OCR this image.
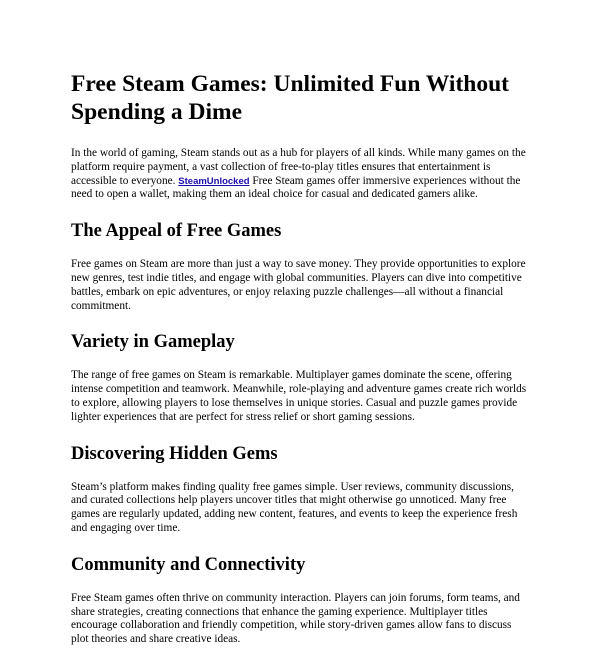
Free Steam Games: Unlimited Fun Without Spending a Dime

In the world of gaming, Steam stands out as a hub for players of all kinds. While many games on the platform require payment, a vast collection of free-to-play titles ensures that entertainment is accessible to everyone. SteamUnlocked Free Steam games offer immersive experiences without the need to open a wallet, making them an ideal choice for casual and dedicated gamers alike.

The Appeal of Free Games

Free games on Steam are more than just a way to save money. They provide opportunities to explore new genres, test indie titles, and engage with global communities. Players can dive into competitive battles, embark on epic adventures, or enjoy relaxing puzzle challenges—all without a financial commitment.

Variety in Gameplay

The range of free games on Steam is remarkable. Multiplayer games dominate the scene, offering intense competition and teamwork. Meanwhile, role-playing and adventure games create rich worlds to explore, allowing players to lose themselves in unique stories. Casual and puzzle games provide lighter experiences that are perfect for stress relief or short gaming sessions.

Discovering Hidden Gems

Steam’s platform makes finding quality free games simple. User reviews, community discussions, and curated collections help players uncover titles that might otherwise go unnoticed. Many free games are regularly updated, adding new content, features, and events to keep the experience fresh and engaging over time.

Community and Connectivity

Free Steam games often thrive on community interaction. Players can join forums, form teams, and share strategies, creating connections that enhance the gaming experience. Multiplayer titles encourage collaboration and friendly competition, while story-driven games allow fans to discuss plot theories and share creative ideas.
